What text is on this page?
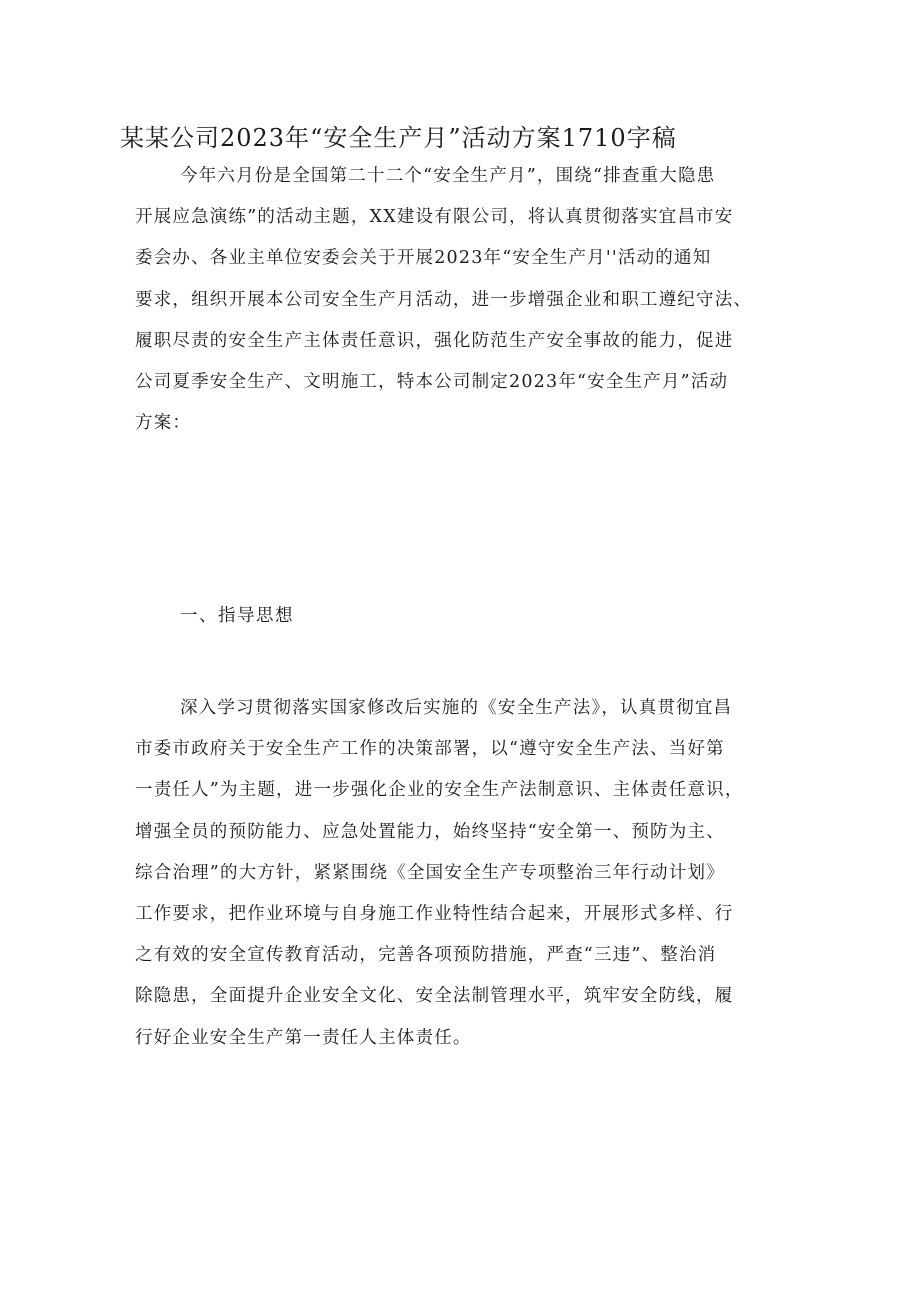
某某公司2023年“安全生产月”活动方案1710字稿
今年六月份是全国第二十二个“安全生产月”，围绕“排查重大隐患
开展应急演练”的活动主题，XX建设有限公司，将认真贯彻落实宜昌市安
委会办、各业主单位安委会关于开展2023年“安全生产月''活动的通知
要求，组织开展本公司安全生产月活动，进一步增强企业和职工遵纪守法、
履职尽责的安全生产主体责任意识，强化防范生产安全事故的能力，促进
公司夏季安全生产、文明施工，特本公司制定2023年“安全生产月”活动
方案：
一、指导思想
深入学习贯彻落实国家修改后实施的《安全生产法》，认真贯彻宜昌
市委市政府关于安全生产工作的决策部署，以“遵守安全生产法、当好第
一责任人”为主题，进一步强化企业的安全生产法制意识、主体责任意识，
增强全员的预防能力、应急处置能力，始终坚持“安全第一、预防为主、
综合治理”的大方针，紧紧围绕《全国安全生产专项整治三年行动计划》
工作要求，把作业环境与自身施工作业特性结合起来，开展形式多样、行
之有效的安全宣传教育活动，完善各项预防措施，严查“三违”、整治消
除隐患，全面提升企业安全文化、安全法制管理水平，筑牢安全防线，履
行好企业安全生产第一责任人主体责任。
